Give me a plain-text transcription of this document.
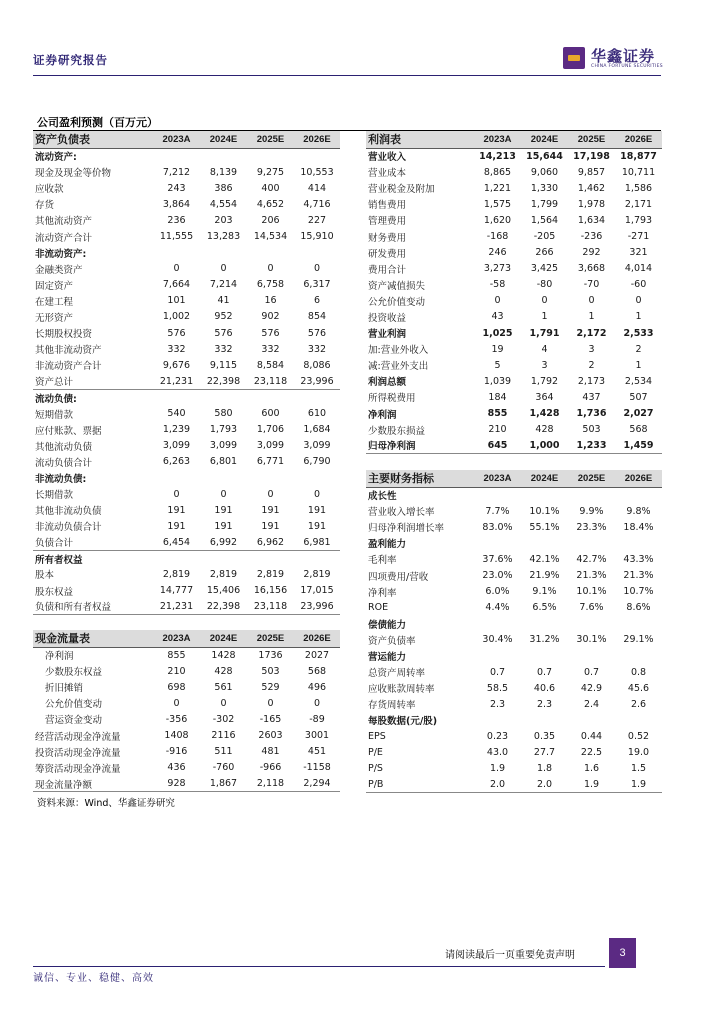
证券研究报告	华鑫证券
CHINA FORTUNE SECURITIES
公司盈利预测（百万元）
资产负债表	2023A	2024E	2025E	2026E
流动资产:				
现金及现金等价物	7,212	8,139	9,275	10,553
应收款	243	386	400	414
存货	3,864	4,554	4,652	4,716
其他流动资产	236	203	206	227
流动资产合计	11,555	13,283	14,534	15,910
非流动资产:				
金融类资产	0	0	0	0
固定资产	7,664	7,214	6,758	6,317
在建工程	101	41	16	6
无形资产	1,002	952	902	854
长期股权投资	576	576	576	576
其他非流动资产	332	332	332	332
非流动资产合计	9,676	9,115	8,584	8,086
资产总计	21,231	22,398	23,118	23,996
流动负债:				
短期借款	540	580	600	610
应付账款、票据	1,239	1,793	1,706	1,684
其他流动负债	3,099	3,099	3,099	3,099
流动负债合计	6,263	6,801	6,771	6,790
非流动负债:				
长期借款	0	0	0	0
其他非流动负债	191	191	191	191
非流动负债合计	191	191	191	191
负债合计	6,454	6,992	6,962	6,981
所有者权益				
股本	2,819	2,819	2,819	2,819
股东权益	14,777	15,406	16,156	17,015
负债和所有者权益	21,231	22,398	23,118	23,996
利润表	2023A	2024E	2025E	2026E
营业收入	14,213	15,644	17,198	18,877
营业成本	8,865	9,060	9,857	10,711
营业税金及附加	1,221	1,330	1,462	1,586
销售费用	1,575	1,799	1,978	2,171
管理费用	1,620	1,564	1,634	1,793
财务费用	-168	-205	-236	-271
研发费用	246	266	292	321
费用合计	3,273	3,425	3,668	4,014
资产减值损失	-58	-80	-70	-60
公允价值变动	0	0	0	0
投资收益	43	1	1	1
营业利润	1,025	1,791	2,172	2,533
加:营业外收入	19	4	3	2
减:营业外支出	5	3	2	1
利润总额	1,039	1,792	2,173	2,534
所得税费用	184	364	437	507
净利润	855	1,428	1,736	2,027
少数股东损益	210	428	503	568
归母净利润	645	1,000	1,233	1,459
主要财务指标	2023A	2024E	2025E	2026E
成长性				
营业收入增长率	7.7%	10.1%	9.9%	9.8%
归母净利润增长率	83.0%	55.1%	23.3%	18.4%
盈利能力				
毛利率	37.6%	42.1%	42.7%	43.3%
四项费用/营收	23.0%	21.9%	21.3%	21.3%
净利率	6.0%	9.1%	10.1%	10.7%
ROE	4.4%	6.5%	7.6%	8.6%
偿债能力				
资产负债率	30.4%	31.2%	30.1%	29.1%
营运能力				
总资产周转率	0.7	0.7	0.7	0.8
应收账款周转率	58.5	40.6	42.9	45.6
存货周转率	2.3	2.3	2.4	2.6
每股数据(元/股)				
EPS	0.23	0.35	0.44	0.52
P/E	43.0	27.7	22.5	19.0
P/S	1.9	1.8	1.6	1.5
P/B	2.0	2.0	1.9	1.9
现金流量表	2023A	2024E	2025E	2026E
净利润	855	1428	1736	2027
少数股东权益	210	428	503	568
折旧摊销	698	561	529	496
公允价值变动	0	0	0	0
营运资金变动	-356	-302	-165	-89
经营活动现金净流量	1408	2116	2603	3001
投资活动现金净流量	-916	511	481	451
筹资活动现金净流量	436	-760	-966	-1158
现金流量净额	928	1,867	2,118	2,294
资料来源：Wind、华鑫证券研究
请阅读最后一页重要免责声明	3
诚信、专业、稳健、高效
